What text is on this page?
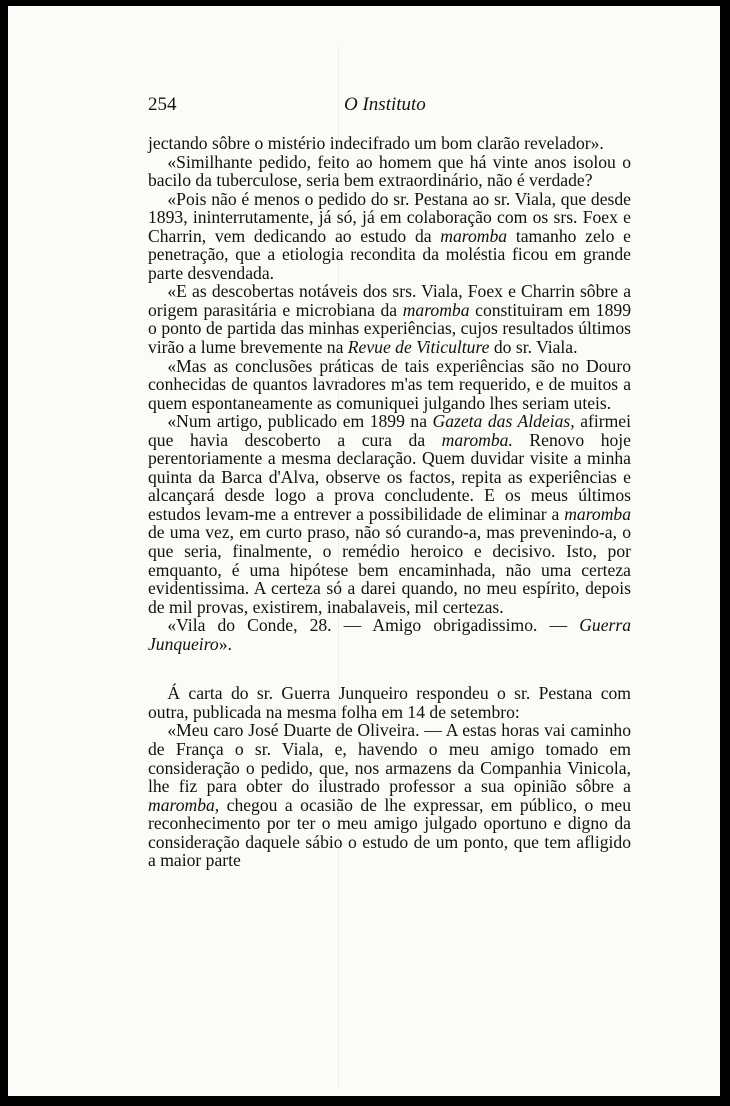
254	O Instituto

jectando sôbre o mistério indecifrado um bom clarão revelador».

«Similhante pedido, feito ao homem que há vinte anos isolou o bacilo da tuberculose, seria bem extraordinário, não é verdade?

«Pois não é menos o pedido do sr. Pestana ao sr. Viala, que desde 1893, ininterrutamente, já só, já em colaboração com os srs. Foex e Charrin, vem dedicando ao estudo da maromba tamanho zelo e penetração, que a etiologia recondita da moléstia ficou em grande parte desvendada.

«E as descobertas notáveis dos srs. Viala, Foex e Charrin sôbre a origem parasitária e microbiana da maromba constituiram em 1899 o ponto de partida das minhas experiências, cujos resultados últimos virão a lume brevemente na Revue de Viticulture do sr. Viala.

«Mas as conclusões práticas de tais experiências são no Douro conhecidas de quantos lavradores m'as tem requerido, e de muitos a quem espontaneamente as comuniquei julgando lhes seriam uteis.

«Num artigo, publicado em 1899 na Gazeta das Aldeias, afirmei que havia descoberto a cura da maromba. Renovo hoje perentoriamente a mesma declaração. Quem duvidar visite a minha quinta da Barca d'Alva, observe os factos, repita as experiências e alcançará desde logo a prova concludente. E os meus últimos estudos levam-me a entrever a possibilidade de eliminar a maromba de uma vez, em curto praso, não só curando-a, mas prevenindo-a, o que seria, finalmente, o remédio heroico e decisivo. Isto, por emquanto, é uma hipótese bem encaminhada, não uma certeza evidentissima. A certeza só a darei quando, no meu espírito, depois de mil provas, existirem, inabalaveis, mil certezas.

«Vila do Conde, 28. — Amigo obrigadissimo. — Guerra Junqueiro».

Á carta do sr. Guerra Junqueiro respondeu o sr. Pestana com outra, publicada na mesma folha em 14 de setembro:

«Meu caro José Duarte de Oliveira. — A estas horas vai caminho de França o sr. Viala, e, havendo o meu amigo tomado em consideração o pedido, que, nos armazens da Companhia Vinicola, lhe fiz para obter do ilustrado professor a sua opinião sôbre a maromba, chegou a ocasião de lhe expressar, em público, o meu reconhecimento por ter o meu amigo julgado oportuno e digno da consideração daquele sábio o estudo de um ponto, que tem afligido a maior parte
